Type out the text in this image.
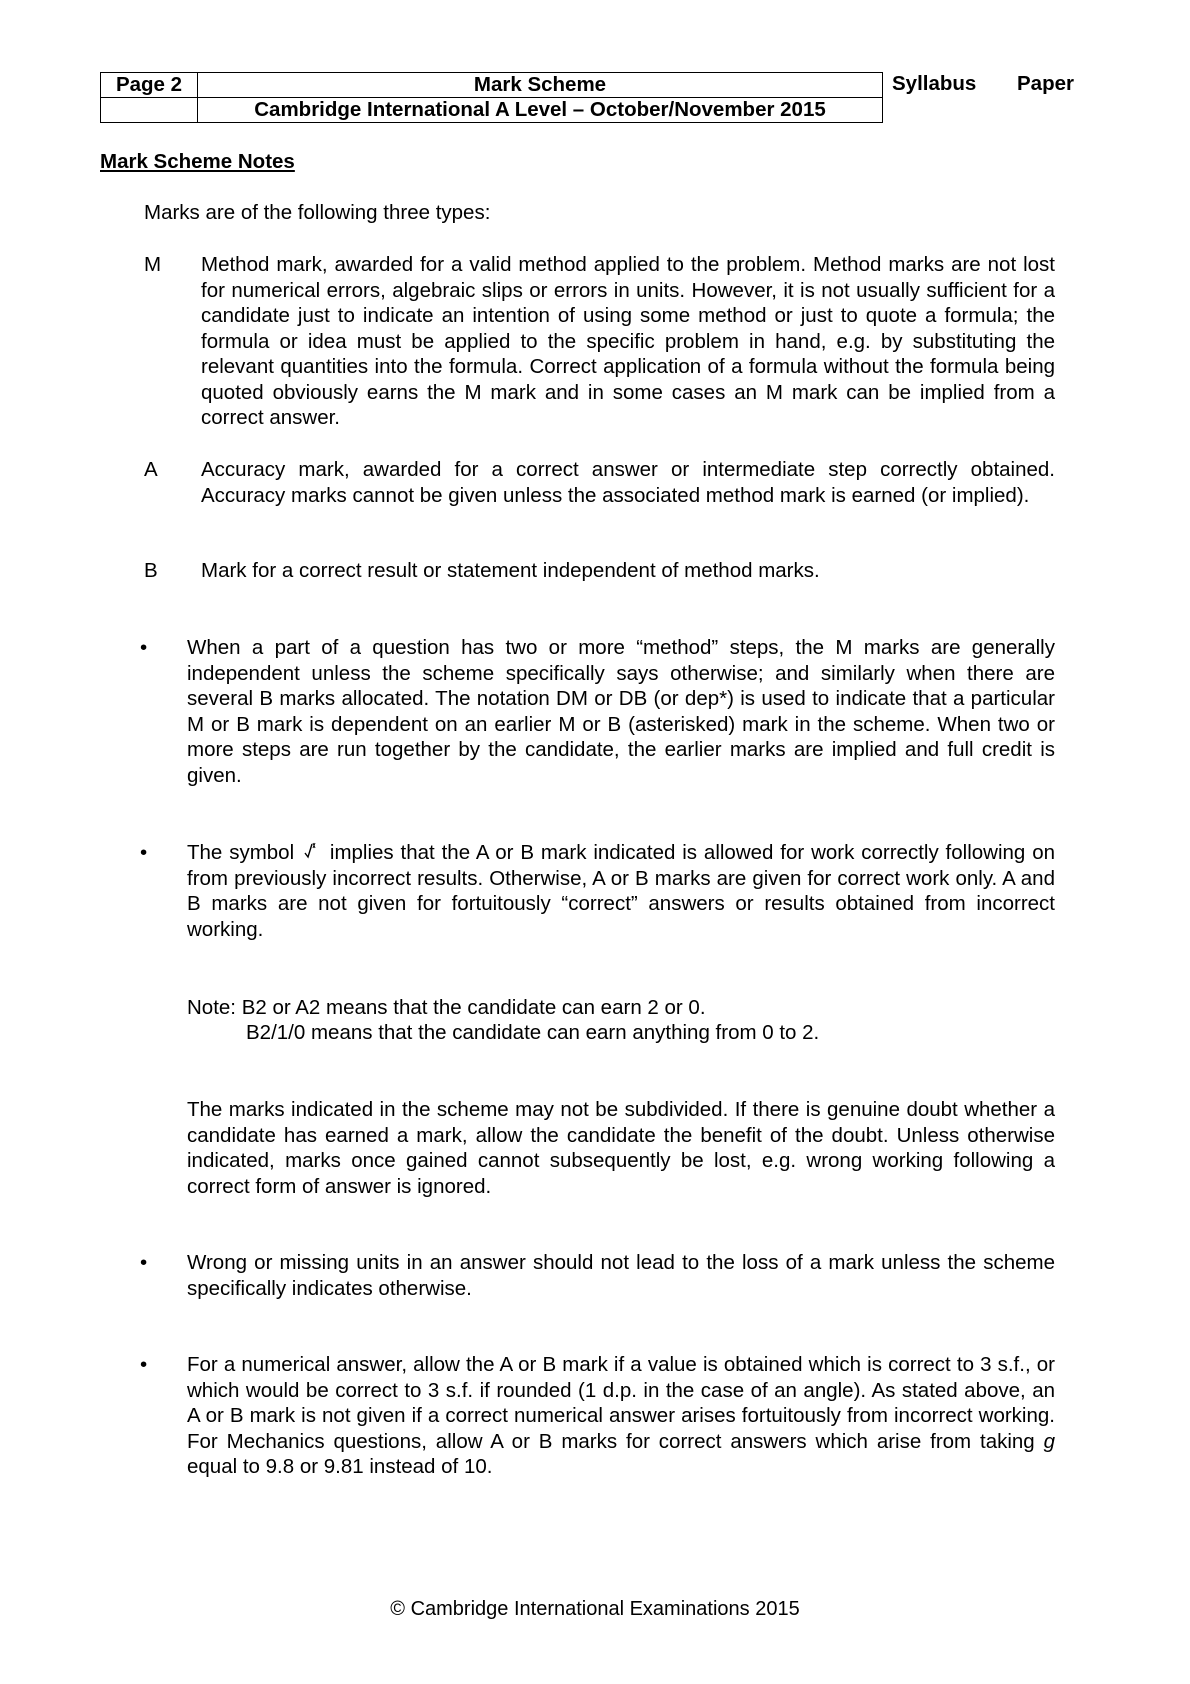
Page 2	Mark Scheme
	Cambridge International A Level – October/November 2015
Syllabus Paper
Mark Scheme Notes
Marks are of the following three types:
M Method mark, awarded for a valid method applied to the problem. Method marks are not lost for numerical errors, algebraic slips or errors in units. However, it is not usually sufficient for a candidate just to indicate an intention of using some method or just to quote a formula; the formula or idea must be applied to the specific problem in hand, e.g. by substituting the relevant quantities into the formula. Correct application of a formula without the formula being quoted obviously earns the M mark and in some cases an M mark can be implied from a correct answer.
A Accuracy mark, awarded for a correct answer or intermediate step correctly obtained. Accuracy marks cannot be given unless the associated method mark is earned (or implied).
B Mark for a correct result or statement independent of method marks.
• When a part of a question has two or more “method” steps, the M marks are generally independent unless the scheme specifically says otherwise; and similarly when there are several B marks allocated. The notation DM or DB (or dep*) is used to indicate that a particular M or B mark is dependent on an earlier M or B (asterisked) mark in the scheme. When two or more steps are run together by the candidate, the earlier marks are implied and full credit is given.
• The symbol implies that the A or B mark indicated is allowed for work correctly following on from previously incorrect results. Otherwise, A or B marks are given for correct work only. A and B marks are not given for fortuitously “correct” answers or results obtained from incorrect working.
Note: B2 or A2 means that the candidate can earn 2 or 0.
B2/1/0 means that the candidate can earn anything from 0 to 2.
The marks indicated in the scheme may not be subdivided. If there is genuine doubt whether a candidate has earned a mark, allow the candidate the benefit of the doubt. Unless otherwise indicated, marks once gained cannot subsequently be lost, e.g. wrong working following a correct form of answer is ignored.
• Wrong or missing units in an answer should not lead to the loss of a mark unless the scheme specifically indicates otherwise.
• For a numerical answer, allow the A or B mark if a value is obtained which is correct to 3 s.f., or which would be correct to 3 s.f. if rounded (1 d.p. in the case of an angle). As stated above, an A or B mark is not given if a correct numerical answer arises fortuitously from incorrect working. For Mechanics questions, allow A or B marks for correct answers which arise from taking g equal to 9.8 or 9.81 instead of 10.
© Cambridge International Examinations 2015
